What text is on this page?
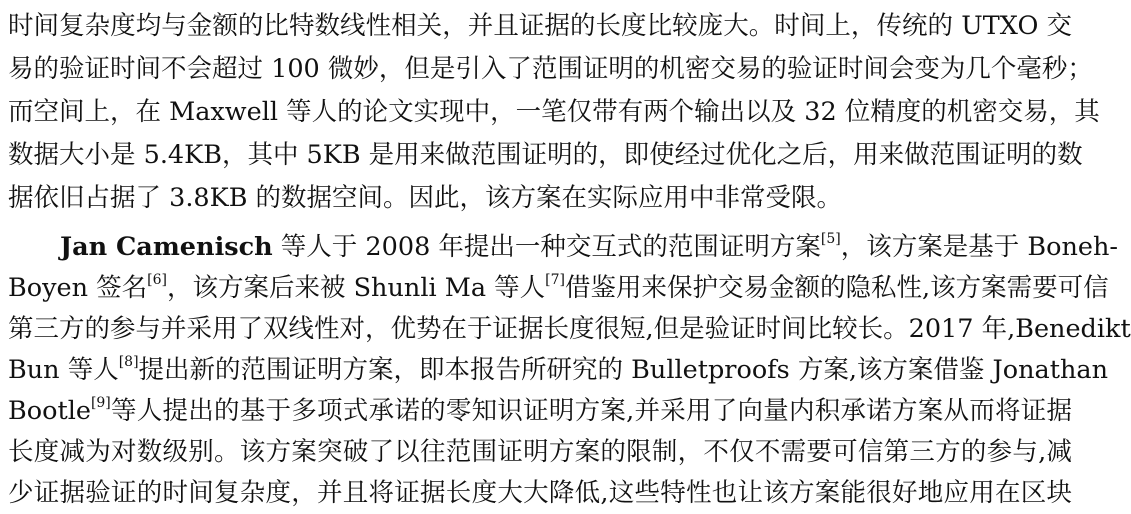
时间复杂度均与金额的比特数线性相关，并且证据的长度比较庞大。时间上，传统的 UTXO 交
易的验证时间不会超过 100 微妙，但是引入了范围证明的机密交易的验证时间会变为几个毫秒；
而空间上，在 Maxwell 等人的论文实现中，一笔仅带有两个输出以及 32 位精度的机密交易，其
数据大小是 5.4KB，其中 5KB 是用来做范围证明的，即使经过优化之后，用来做范围证明的数
据依旧占据了 3.8KB 的数据空间。因此，该方案在实际应用中非常受限。
Jan Camenisch 等人于 2008 年提出一种交互式的范围证明方案[5]，该方案是基于 Boneh-
Boyen 签名[6]，该方案后来被 Shunli Ma 等人[7]借鉴用来保护交易金额的隐私性,该方案需要可信
第三方的参与并采用了双线性对，优势在于证据长度很短,但是验证时间比较长。2017 年,Benedikt
Bun 等人[8]提出新的范围证明方案，即本报告所研究的 Bulletproofs 方案,该方案借鉴 Jonathan
Bootle[9]等人提出的基于多项式承诺的零知识证明方案,并采用了向量内积承诺方案从而将证据
长度减为对数级别。该方案突破了以往范围证明方案的限制，不仅不需要可信第三方的参与,减
少证据验证的时间复杂度，并且将证据长度大大降低,这些特性也让该方案能很好地应用在区块
